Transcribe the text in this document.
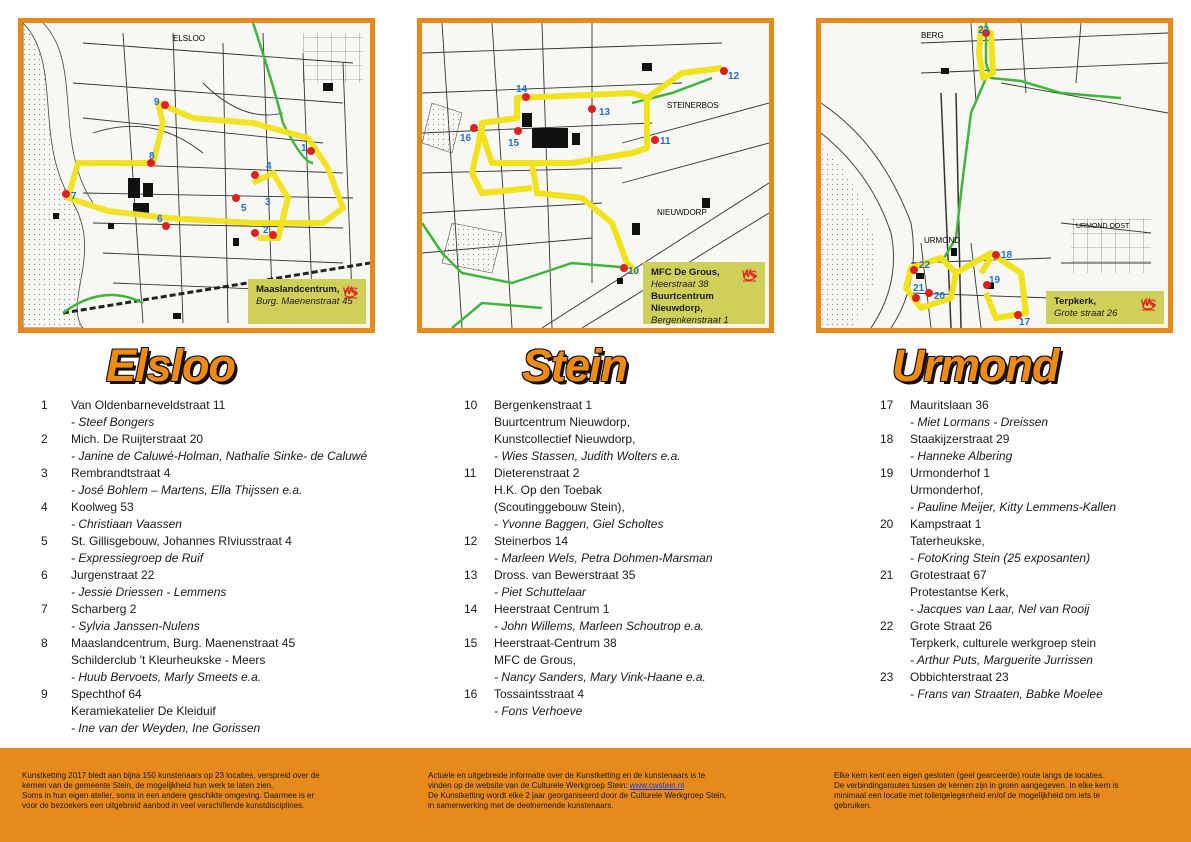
ELSLOO
1
2
3
4
5
6
7
8
9
Maaslandcentrum,
Burg. Maenenstraat 45
WC
STEINERBOS
NIEUWDORP
11
12
13
14
15
16
10 MFC De Grous,
Heerstraat 38
Buurtcentrum Nieuwdorp,
Bergenkenstraat 1
WC
BERG
URMOND
URMOND OOST
17
18
19
20
21
22
23
Terpkerk,
Grote straat 26
WC
Elsloo	Stein	Urmond
1	Van Oldenbarneveldstraat 11
- Steef Bongers
2	Mich. De Ruijterstraat 20
- Janine de Caluwé-Holman, Nathalie Sinke- de Caluwé
3	Rembrandtstraat 4
- José Bohlem – Martens, Ella Thijssen e.a.
4	Koolweg 53
- Christiaan Vaassen
5	St. Gillisgebouw, Johannes RIviusstraat 4
- Expressiegroep de Ruif
6	Jurgenstraat 22
- Jessie Driessen - Lemmens
7	Scharberg 2
- Sylvia Janssen-Nulens
8	Maaslandcentrum, Burg. Maenenstraat 45
Schilderclub 't Kleurheukske - Meers
- Huub Bervoets, Marly Smeets e.a.
9	Spechthof 64
Keramiekatelier De Kleiduif
- Ine van der Weyden, Ine Gorissen
10	Bergenkenstraat 1
Buurtcentrum Nieuwdorp,
Kunstcollectief Nieuwdorp,
- Wies Stassen, Judith Wolters e.a.
11	Dieterenstraat 2
H.K. Op den Toebak
(Scoutinggebouw Stein),
- Yvonne Baggen, Giel Scholtes
12	Steinerbos 14
- Marleen Wels, Petra Dohmen-Marsman
13	Dross. van Bewerstraat 35
- Piet Schuttelaar
14	Heerstraat Centrum 1
- John Willems, Marleen Schoutrop e.a.
15	Heerstraat-Centrum 38
MFC de Grous,
- Nancy Sanders, Mary Vink-Haane e.a.
16	Tossaintsstraat 4
- Fons Verhoeve
17	Mauritslaan 36
- Miet Lormans - Dreissen
18	Staakijzerstraat 29
- Hanneke Albering
19	Urmonderhof 1
Urmonderhof,
- Pauline Meijer, Kitty Lemmens-Kallen
20	Kampstraat 1
Taterheukske,
- FotoKring Stein (25 exposanten)
21	Grotestraat 67
Protestantse Kerk,
- Jacques van Laar, Nel van Rooij
22	Grote Straat 26
Terpkerk, culturele werkgroep stein
- Arthur Puts, Marguerite Jurrissen
23	Obbichterstraat 23
- Frans van Straaten, Babke Moelee

Kunstketting 2017 biedt aan bijna 150 kunstenaars op 23 locaties, verspreid over de

kernen van de gemeente Stein, de mogelijkheid hun werk te laten zien.

Soms in hun eigen atelier, soms in een andere geschikte omgeving. Daarmee is er

voor de bezoekers een uitgebreid aanbod in veel verschillende kunstdisciplines.

Actuele en uitgebreide informatie over de Kunstketting en de kunstenaars is te

vinden op de website van de Culturele Werkgroep Stein: www.cwstein.nl

De Kunstketting wordt elke 2 jaar georganiseerd door de Culturele Werkgroep Stein,

in samenwerking met de deelnemende kunstenaars.

Elke kern kent een eigen gesloten (geel gearceerde) route langs de locaties.

De verbindingsroutes tussen de kernen zijn in groen aangegeven. In elke kern is

minimaal een locatie met toiletgelegenheid en/of de mogelijkheid om iets te

gebruiken.
